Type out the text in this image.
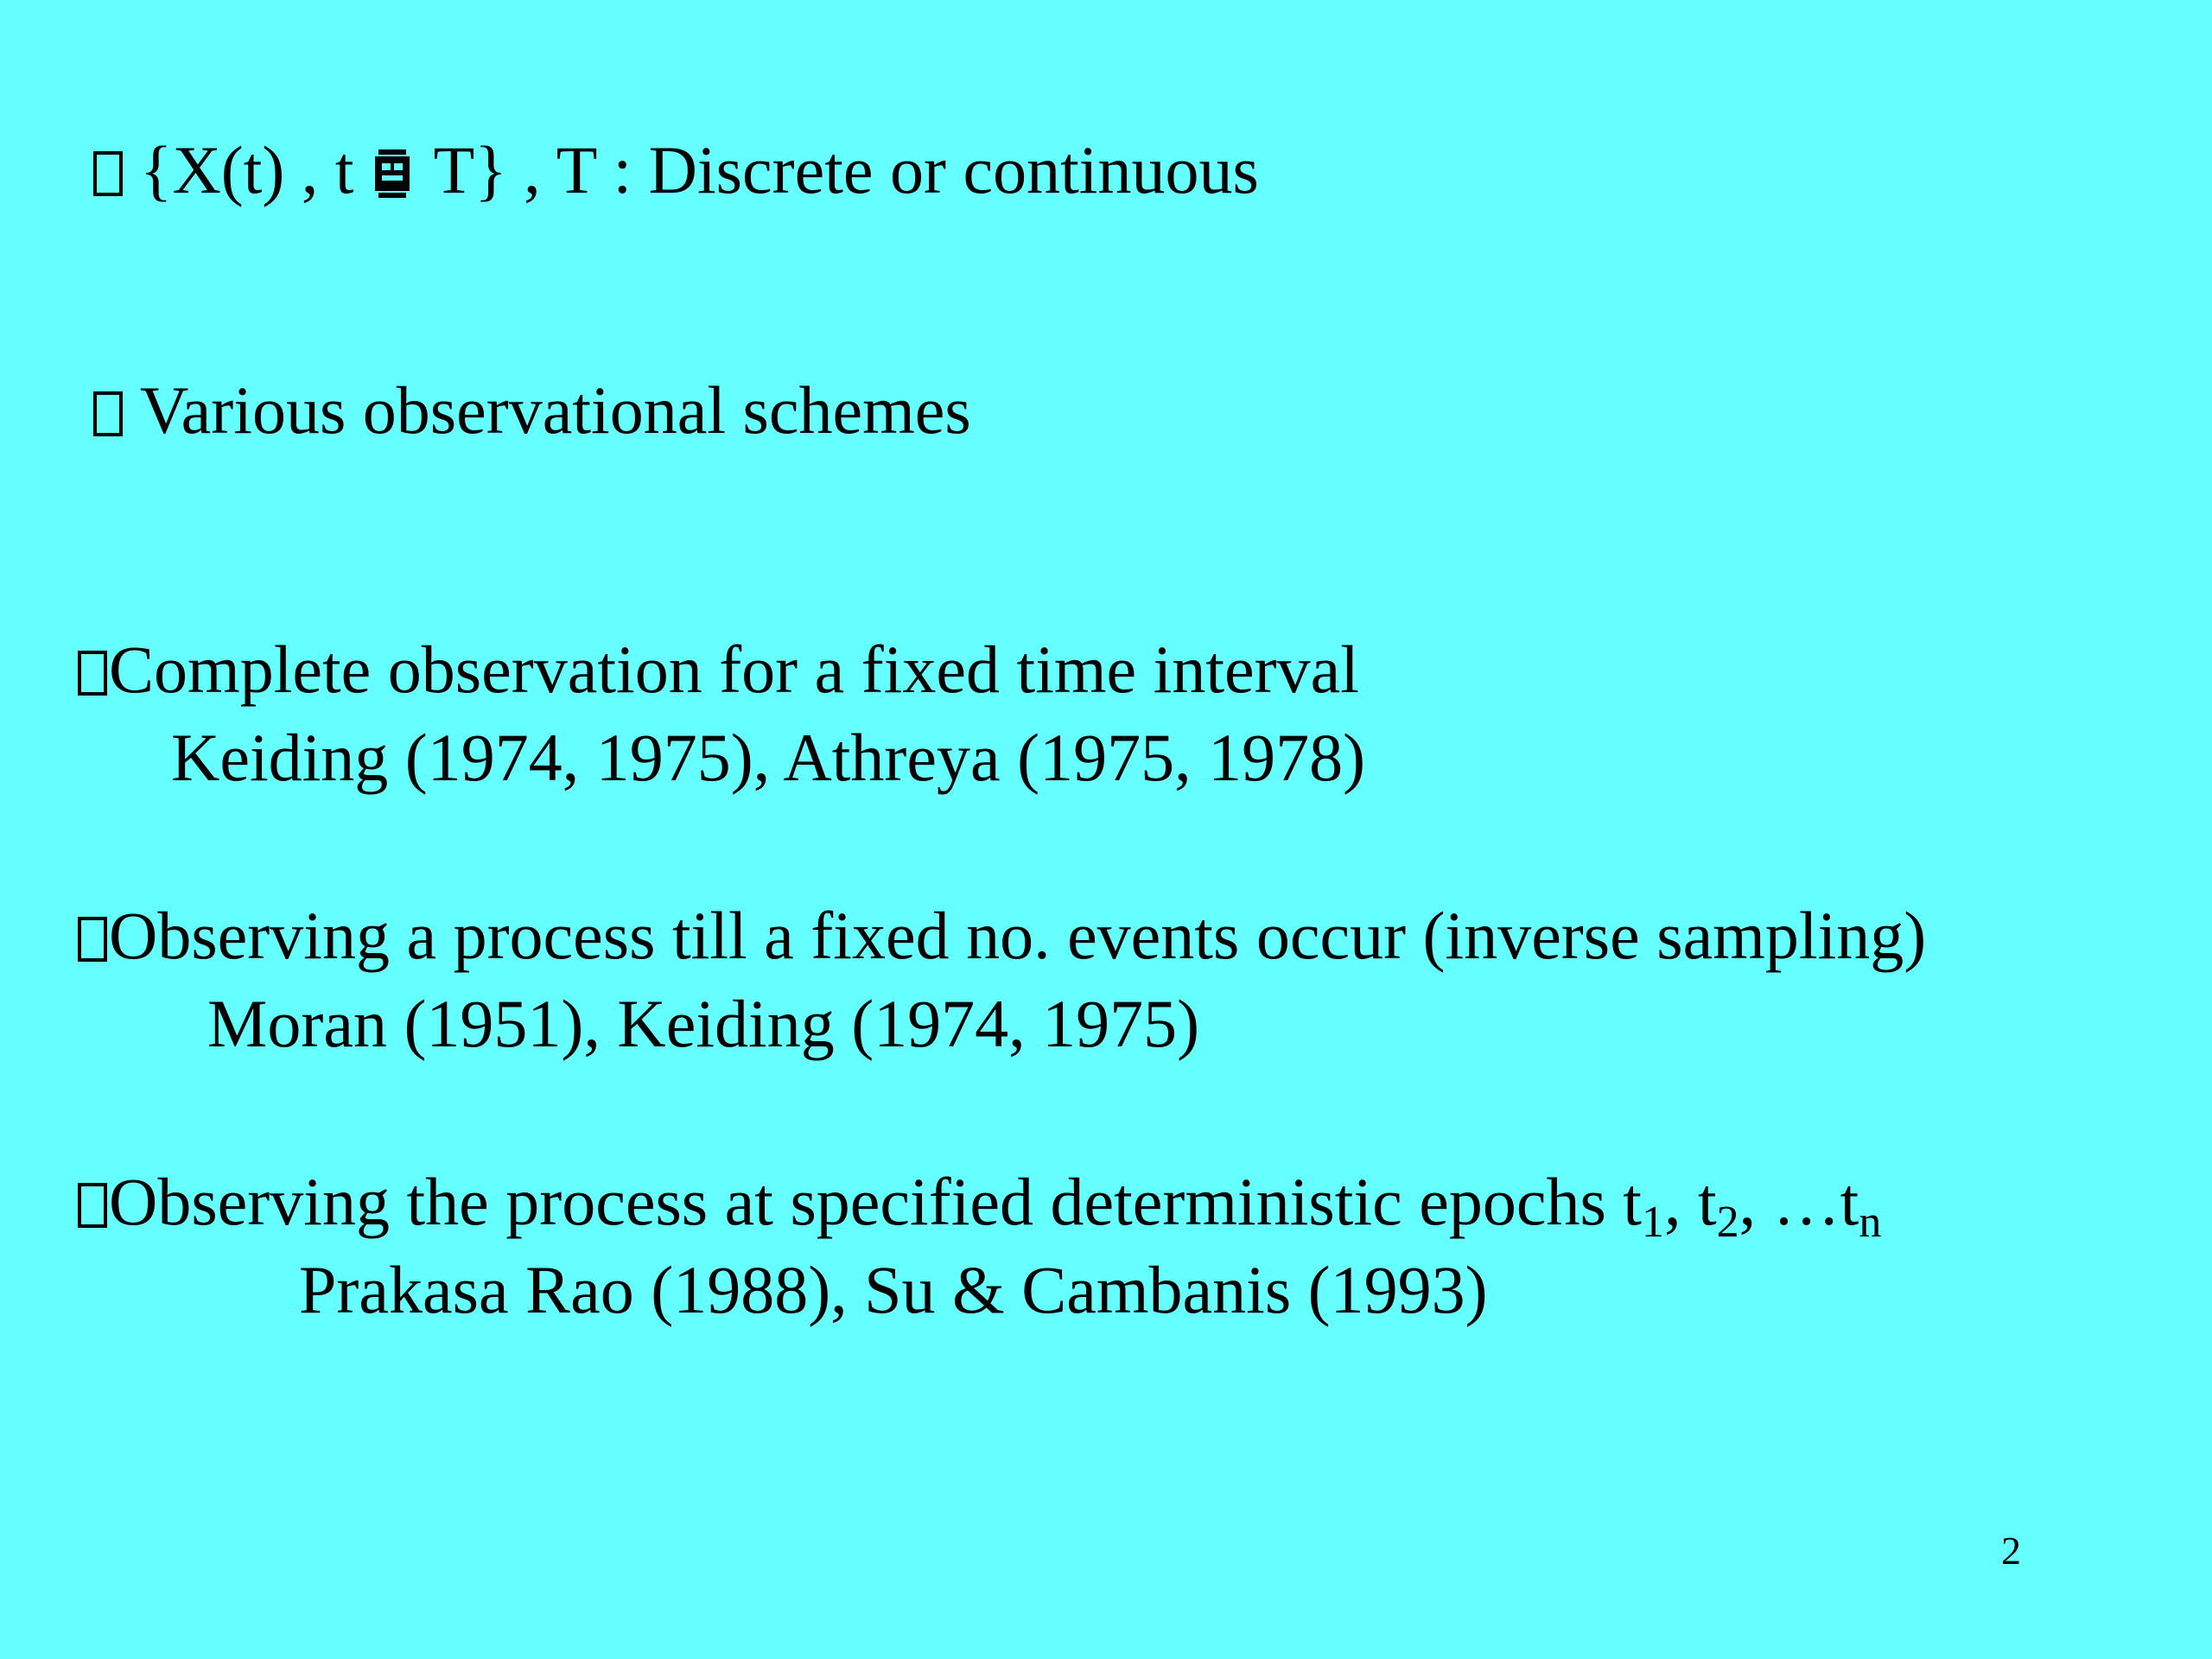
{X(t) , t T} , T : Discrete or continuous
Various observational schemes
Complete observation for a fixed time interval
Keiding (1974, 1975), Athreya (1975, 1978)
Observing a process till a fixed no. events occur (inverse sampling)
Moran (1951), Keiding (1974, 1975)
Observing the process at specified deterministic epochs $t_1$, $t_2$, $\dots t_n$
Prakasa Rao (1988), Su & Cambanis (1993)
2
